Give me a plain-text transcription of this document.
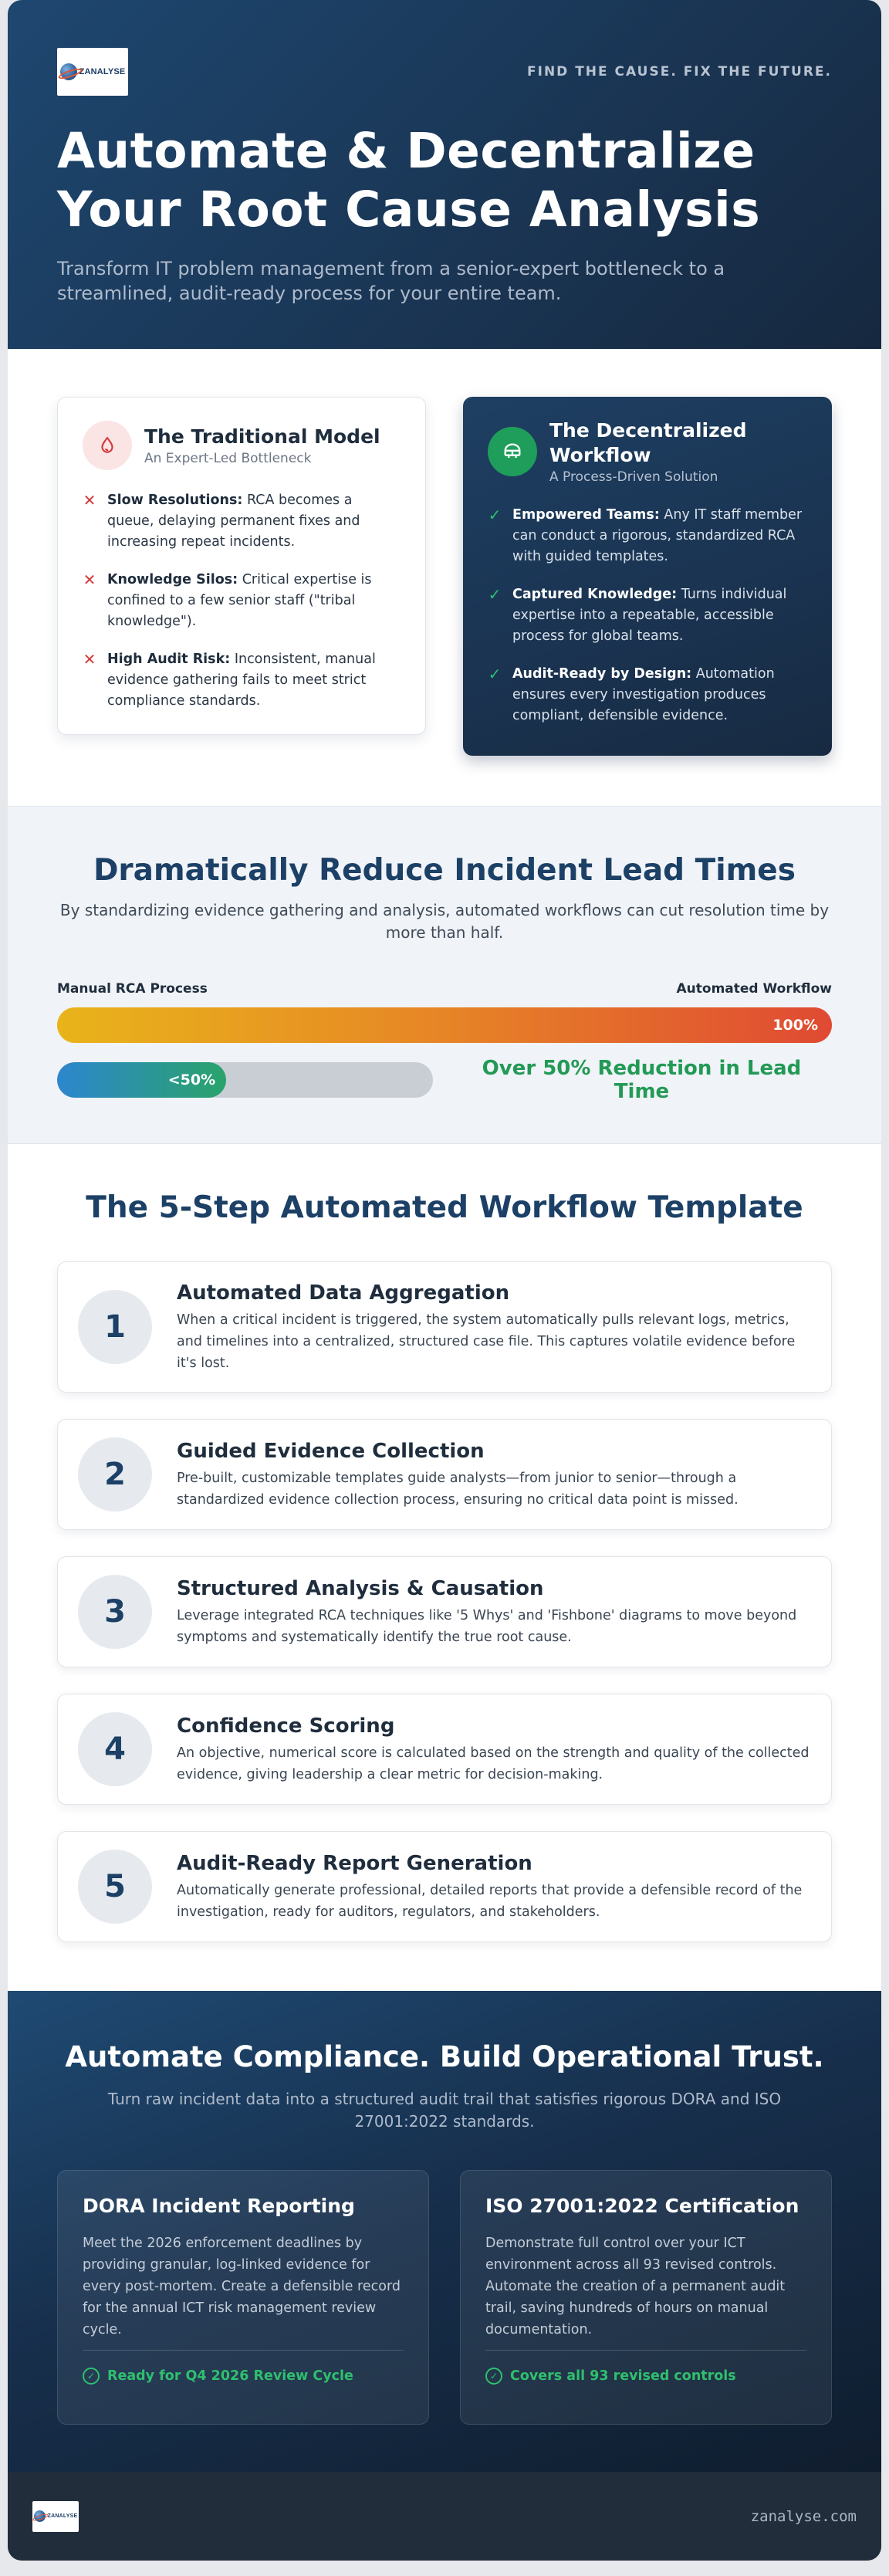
ZANALYSE	FIND THE CAUSE. FIX THE FUTURE.
Automate & Decentralize
Your Root Cause Analysis

Transform IT problem management from a senior-expert bottleneck to a streamlined, audit-ready process for your entire team.

The Traditional Model
An Expert-Led Bottleneck
✕ Slow Resolutions: RCA becomes a queue, delaying permanent fixes and increasing repeat incidents.
✕ Knowledge Silos: Critical expertise is confined to a few senior staff ("tribal knowledge").
✕ High Audit Risk: Inconsistent, manual evidence gathering fails to meet strict compliance standards.
The Decentralized Workflow
A Process-Driven Solution
✓ Empowered Teams: Any IT staff member can conduct a rigorous, standardized RCA with guided templates.
✓ Captured Knowledge: Turns individual expertise into a repeatable, accessible process for global teams.
✓ Audit-Ready by Design: Automation ensures every investigation produces compliant, defensible evidence.
Dramatically Reduce Incident Lead Times
By standardizing evidence gathering and analysis, automated workflows can cut resolution time by more than half.
Manual RCA Process	Automated Workflow
100%
<50%	Over 50% Reduction in Lead Time
The 5-Step Automated Workflow Template
1
Automated Data Aggregation
When a critical incident is triggered, the system automatically pulls relevant logs, metrics, and timelines into a centralized, structured case file. This captures volatile evidence before it's lost.
2
Guided Evidence Collection
Pre-built, customizable templates guide analysts—from junior to senior—through a standardized evidence collection process, ensuring no critical data point is missed.
3
Structured Analysis & Causation
Leverage integrated RCA techniques like '5 Whys' and 'Fishbone' diagrams to move beyond symptoms and systematically identify the true root cause.
4
Confidence Scoring
An objective, numerical score is calculated based on the strength and quality of the collected evidence, giving leadership a clear metric for decision-making.
5
Audit-Ready Report Generation
Automatically generate professional, detailed reports that provide a defensible record of the investigation, ready for auditors, regulators, and stakeholders.
Automate Compliance. Build Operational Trust.
Turn raw incident data into a structured audit trail that satisfies rigorous DORA and ISO 27001:2022 standards.
DORA Incident Reporting

Meet the 2026 enforcement deadlines by providing granular, log-linked evidence for every post-mortem. Create a defensible record for the annual ICT risk management review cycle.

✓ Ready for Q4 2026 Review Cycle
ISO 27001:2022 Certification

Demonstrate full control over your ICT environment across all 93 revised controls. Automate the creation of a permanent audit trail, saving hundreds of hours on manual documentation.

✓ Covers all 93 revised controls
ZANALYSE	zanalyse.com
